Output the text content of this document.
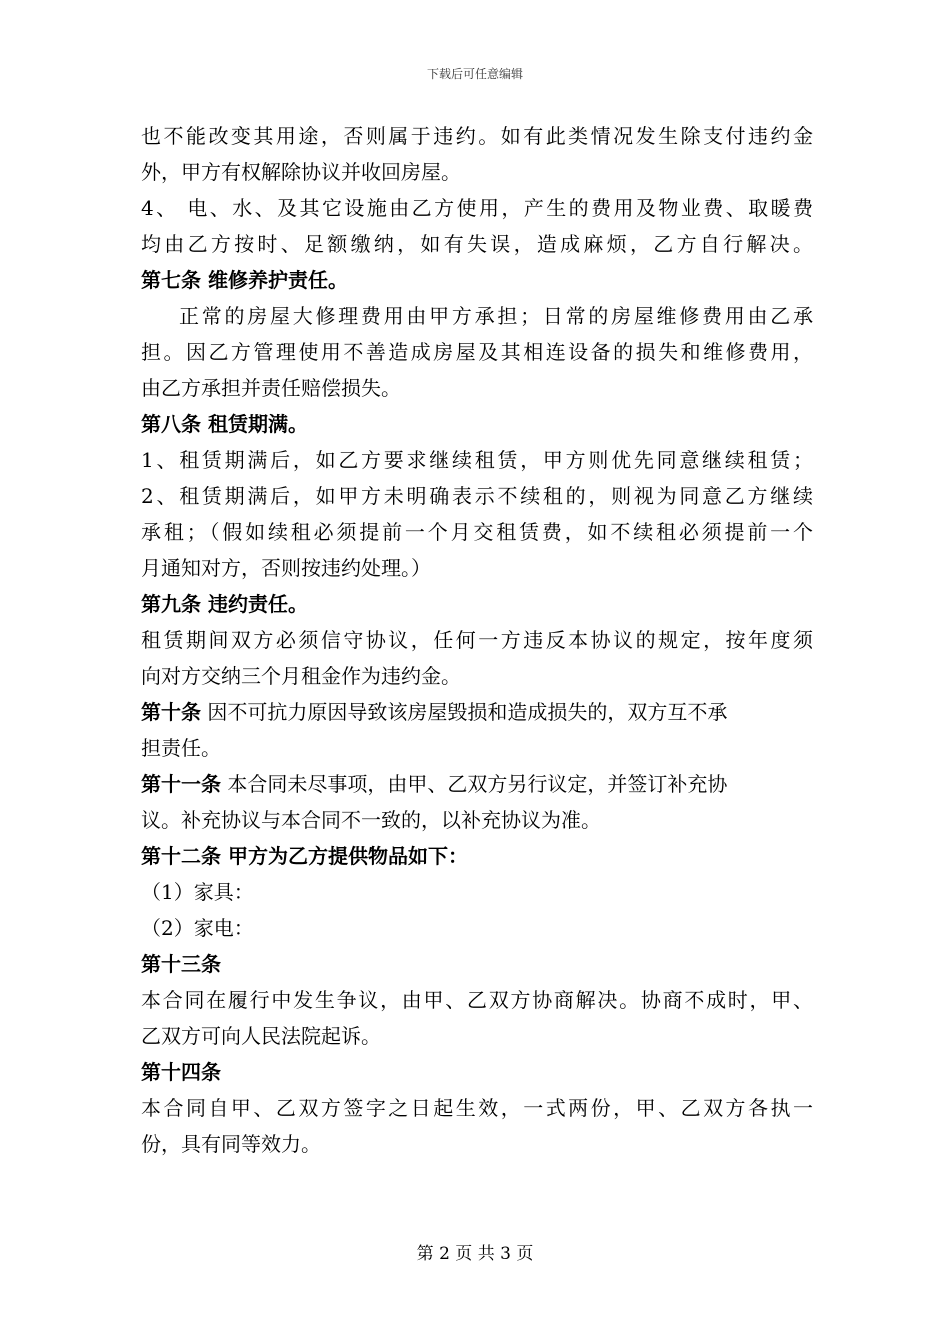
下载后可任意编辑
也不能改变其用途，否则属于违约。如有此类情况发生除支付违约金
外，甲方有权解除协议并收回房屋。
4、 电、水、及其它设施由乙方使用，产生的费用及物业费、取暖费
均由乙方按时、足额缴纳，如有失误，造成麻烦，乙方自行解决。
第七条 维修养护责任。
正常的房屋大修理费用由甲方承担；日常的房屋维修费用由乙承
担。因乙方管理使用不善造成房屋及其相连设备的损失和维修费用，
由乙方承担并责任赔偿损失。
第八条 租赁期满。
1、租赁期满后，如乙方要求继续租赁，甲方则优先同意继续租赁；
2、租赁期满后，如甲方未明确表示不续租的，则视为同意乙方继续
承租；（假如续租必须提前一个月交租赁费，如不续租必须提前一个
月通知对方，否则按违约处理。）
第九条 违约责任。
租赁期间双方必须信守协议，任何一方违反本协议的规定，按年度须
向对方交纳三个月租金作为违约金。
第十条 因不可抗力原因导致该房屋毁损和造成损失的，双方互不承
担责任。
第十一条 本合同未尽事项，由甲、乙双方另行议定，并签订补充协
议。补充协议与本合同不一致的，以补充协议为准。
第十二条 甲方为乙方提供物品如下：
（1）家具：
（2）家电：
第十三条
本合同在履行中发生争议，由甲、乙双方协商解决。协商不成时，甲、
乙双方可向人民法院起诉。
第十四条
本合同自甲、乙双方签字之日起生效，一式两份，甲、乙双方各执一
份，具有同等效力。
第 2 页 共 3 页
